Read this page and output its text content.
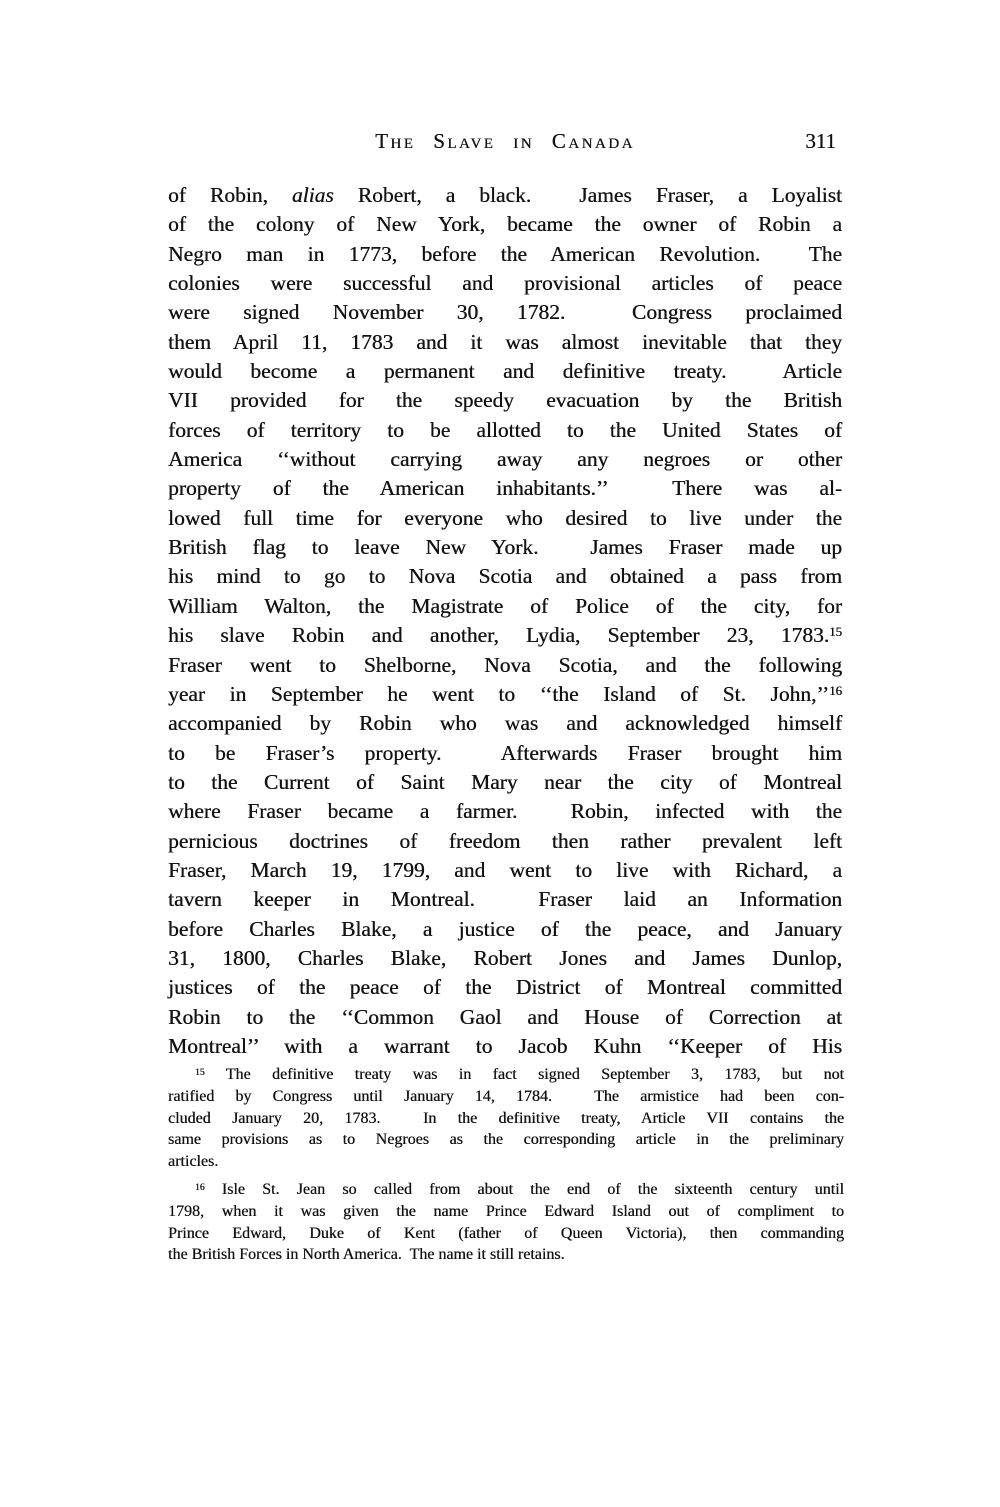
The Slave in Canada	311
of Robin, alias Robert, a black.  James Fraser, a Loyalist
of the colony of New York, became the owner of Robin a
Negro man in 1773, before the American Revolution.  The
colonies were successful and provisional articles of peace
were signed November 30, 1782.  Congress proclaimed
them April 11, 1783 and it was almost inevitable that they
would become a permanent and definitive treaty.  Article
VII provided for the speedy evacuation by the British
forces of territory to be allotted to the United States of
America ‘‘without carrying away any negroes or other
property of the American inhabitants.’’  There was al-
lowed full time for everyone who desired to live under the
British flag to leave New York.  James Fraser made up
his mind to go to Nova Scotia and obtained a pass from
William Walton, the Magistrate of Police of the city, for
his slave Robin and another, Lydia, September 23, 1783.15
Fraser went to Shelborne, Nova Scotia, and the following
year in September he went to ‘‘the Island of St. John,’’$^{16}$
accompanied by Robin who was and acknowledged himself
to be Fraser’s property.  Afterwards Fraser brought him
to the Current of Saint Mary near the city of Montreal
where Fraser became a farmer.  Robin, infected with the
pernicious doctrines of freedom then rather prevalent left
Fraser, March 19, 1799, and went to live with Richard, a
tavern keeper in Montreal.  Fraser laid an Information
before Charles Blake, a justice of the peace, and January
31, 1800, Charles Blake, Robert Jones and James Dunlop,
justices of the peace of the District of Montreal committed
Robin to the ‘‘Common Gaol and House of Correction at
Montreal’’ with a warrant to Jacob Kuhn ‘‘Keeper of His
$^{15}$ The definitive treaty was in fact signed September 3, 1783, but not
ratified by Congress until January 14, 1784.  The armistice had been con-
cluded January 20, 1783.  In the definitive treaty, Article VII contains the
same provisions as to Negroes as the corresponding article in the preliminary
articles.
$^{16}$ Isle St. Jean so called from about the end of the sixteenth century until
1798, when it was given the name Prince Edward Island out of compliment to
Prince Edward, Duke of Kent (father of Queen Victoria), then commanding
the British Forces in North America.  The name it still retains.
